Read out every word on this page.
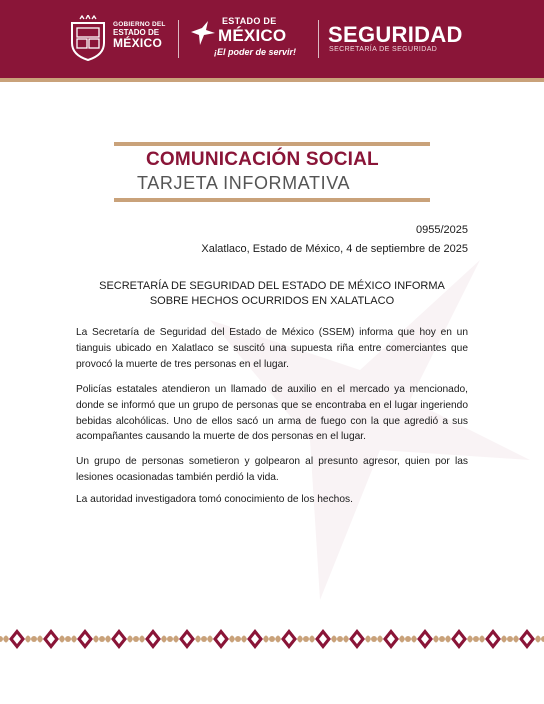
GOBIERNO DEL
ESTADO DE
MÉXICO
ESTADO DE
MÉXICO
¡El poder de servir!
SEGURIDAD
SECRETARÍA DE SEGURIDAD
COMUNICACIÓN SOCIAL
TARJETA INFORMATIVA
0955/2025
Xalatlaco, Estado de México, 4 de septiembre de 2025
SECRETARÍA DE SEGURIDAD DEL ESTADO DE MÉXICO INFORMA
SOBRE HECHOS OCURRIDOS EN XALATLACO

La Secretaría de Seguridad del Estado de México (SSEM) informa que hoy en un tianguis ubicado en Xalatlaco se suscitó una supuesta riña entre comerciantes que provocó la muerte de tres personas en el lugar.

Policías estatales atendieron un llamado de auxilio en el mercado ya mencionado, donde se informó que un grupo de personas que se encontraba en el lugar ingeriendo bebidas alcohólicas. Uno de ellos sacó un arma de fuego con la que agredió a sus acompañantes causando la muerte de dos personas en el lugar.

Un grupo de personas sometieron y golpearon al presunto agresor, quien por las lesiones ocasionadas también perdió la vida.

La autoridad investigadora tomó conocimiento de los hechos.
